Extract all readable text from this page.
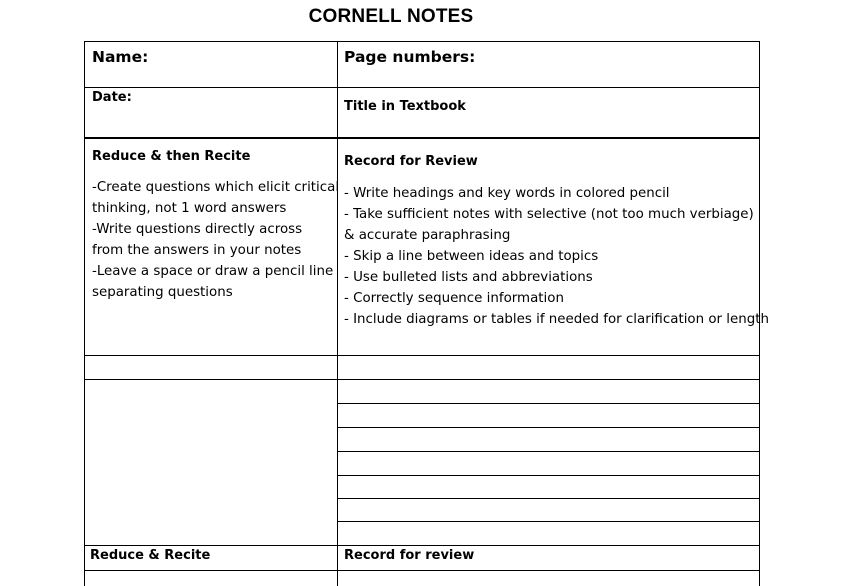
CORNELL NOTES
Name:	Page numbers:
Date:
Title in Textbook
Reduce & then Recite
-Create questions which elicit critical
thinking, not 1 word answers
-Write questions directly across
from the answers in your notes
-Leave a space or draw a pencil line
separating questions
Record for Review
- Write headings and key words in colored pencil
- Take sufficient notes with selective (not too much verbiage)
& accurate paraphrasing
- Skip a line between ideas and topics
- Use bulleted lists and abbreviations
- Correctly sequence information
- Include diagrams or tables if needed for clarification or length
Reduce & Recite	Record for review
